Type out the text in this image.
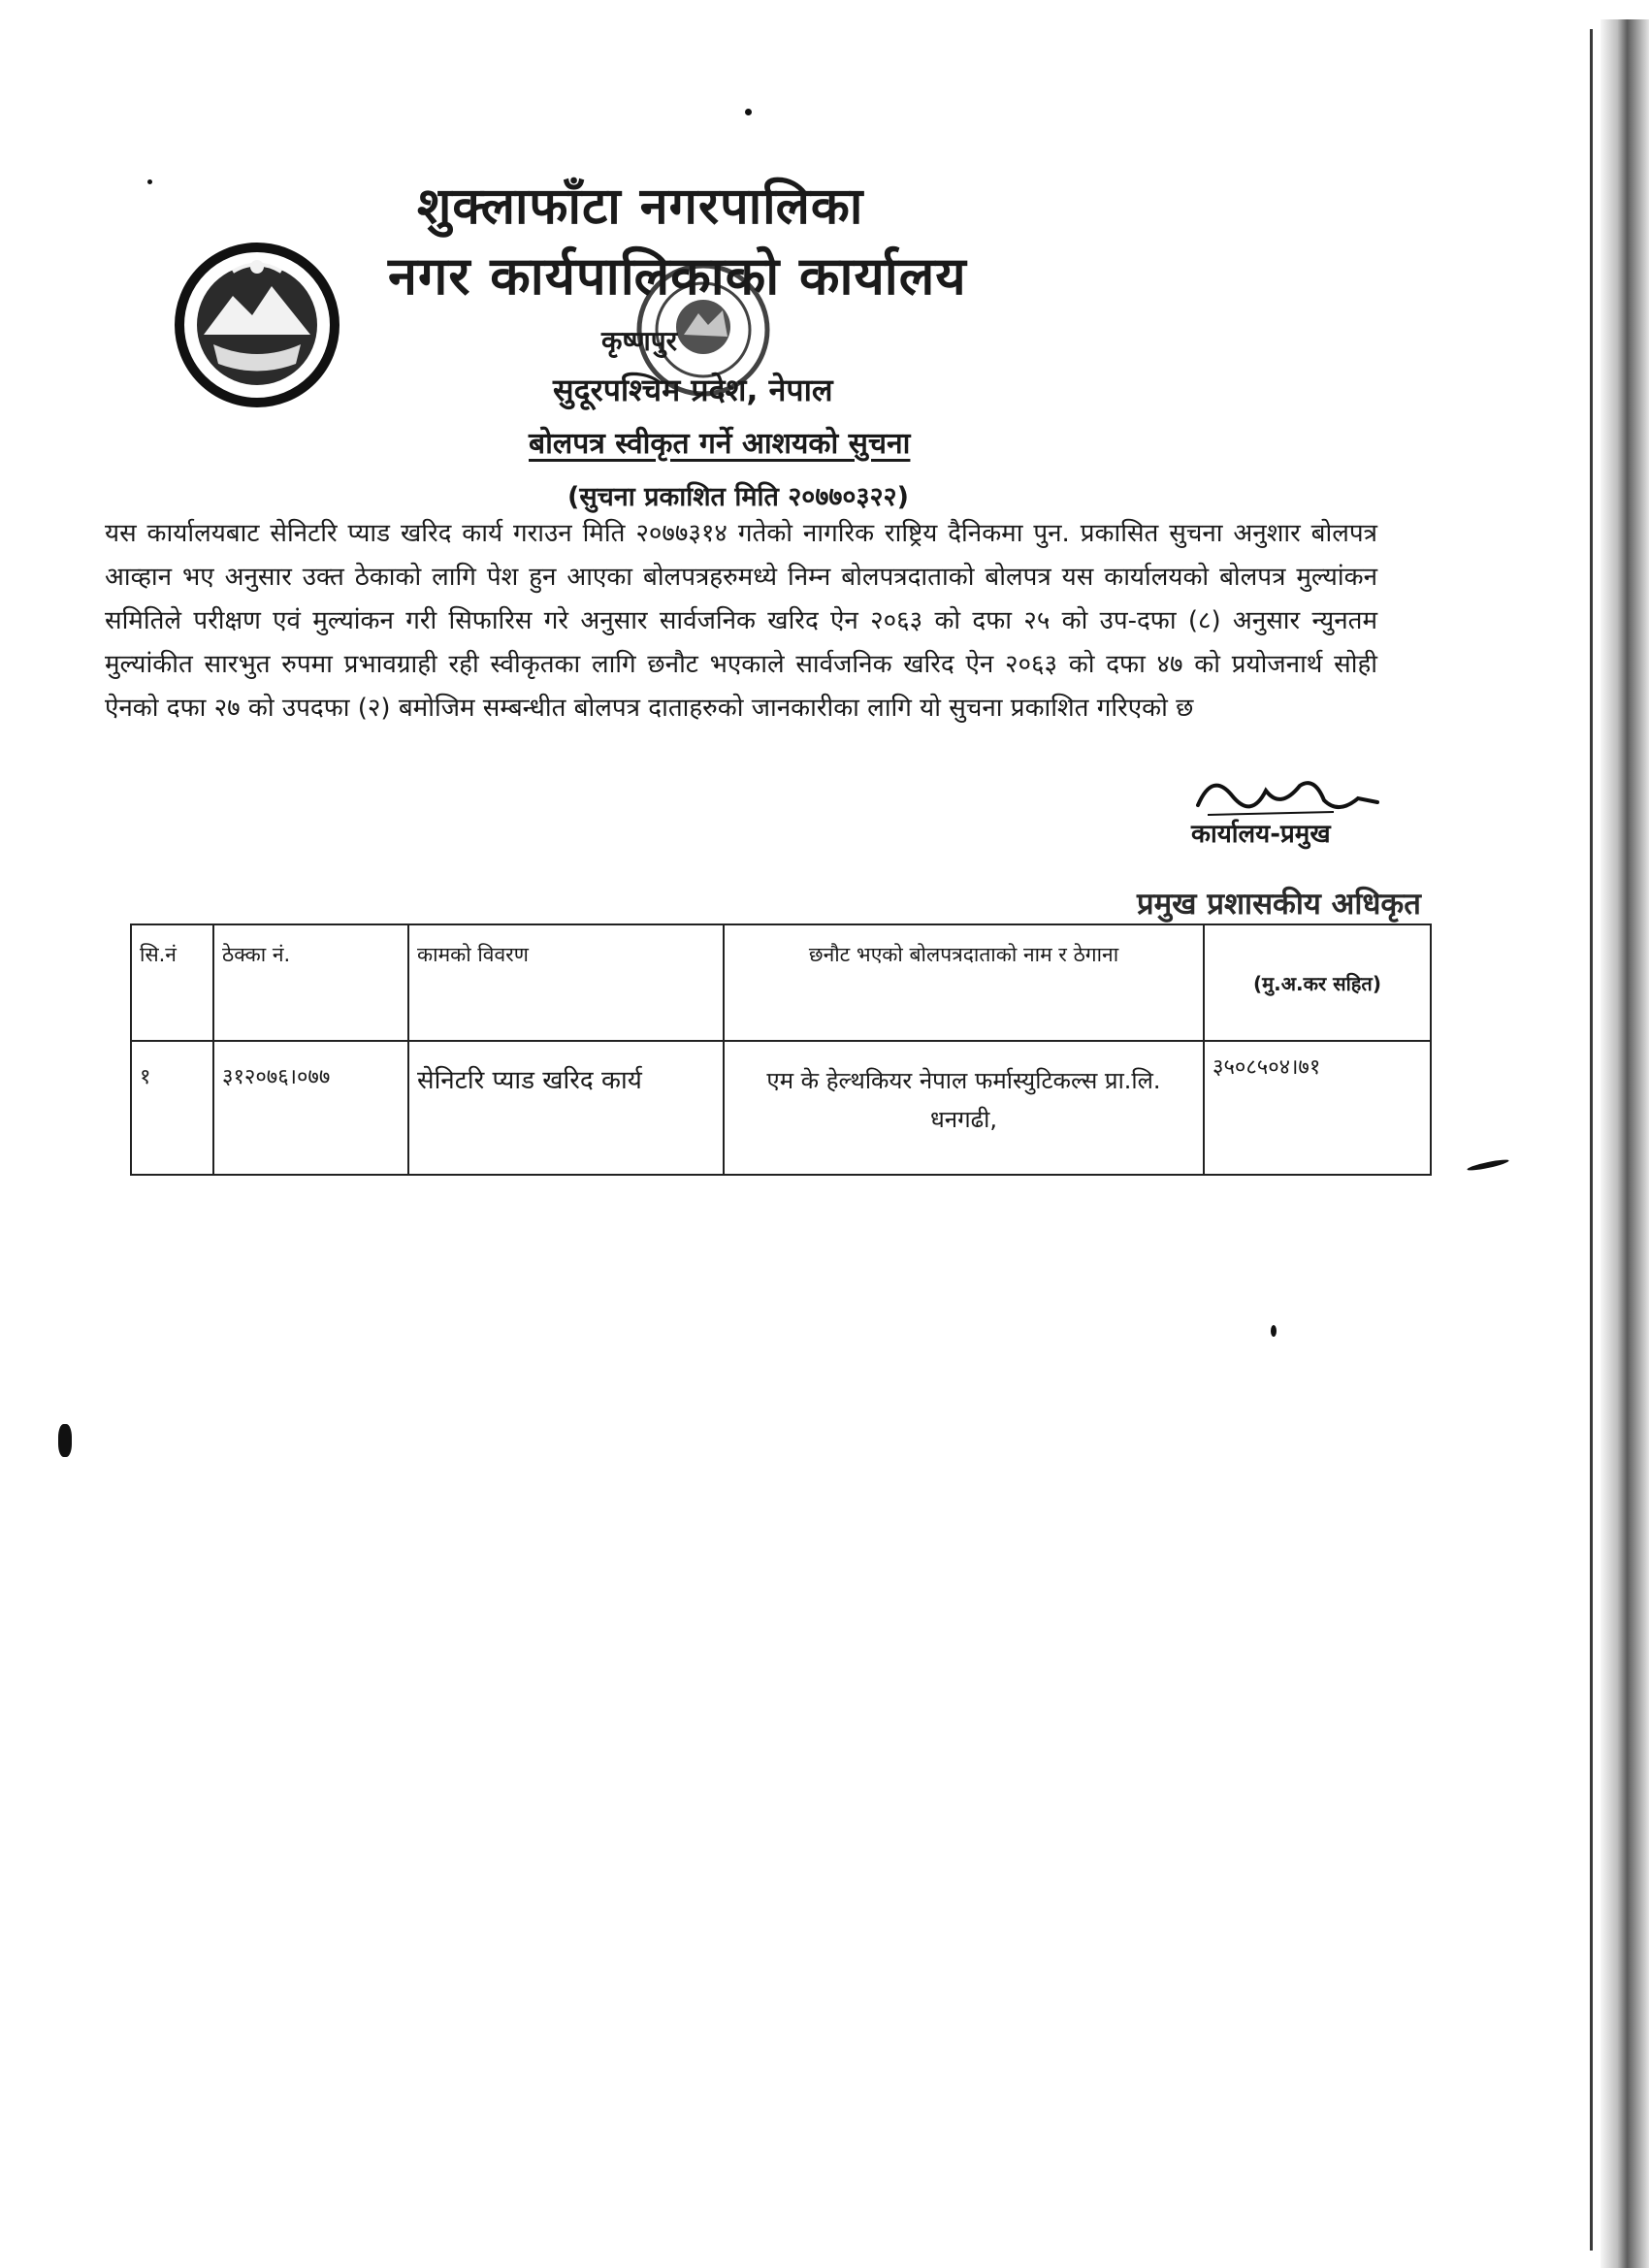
शुक्लाफाँटा नगरपालिका
नगर कार्यपालिकाको कार्यालय
कृष्णपुर
सुदूरपश्चिम प्रदेश, नेपाल
बोलपत्र स्वीकृत गर्ने आशयको सुचना
(सुचना प्रकाशित मिति २०७७०३२२)
यस कार्यालयबाट सेनिटरि प्याड खरिद कार्य गराउन मिति २०७७३१४ गतेको नागरिक राष्ट्रिय दैनिकमा पुन. प्रकासित सुचना अनुशार बोलपत्र आव्हान भए अनुसार उक्त ठेकाको लागि पेश हुन आएका बोलपत्रहरुमध्ये निम्न बोलपत्रदाताको बोलपत्र यस कार्यालयको बोलपत्र मुल्यांकन समितिले परीक्षण एवं मुल्यांकन गरी सिफारिस गरे अनुसार सार्वजनिक खरिद ऐन २०६३ को दफा २५ को उप-दफा (८) अनुसार न्युनतम मुल्यांकीत सारभुत रुपमा प्रभावग्राही रही स्वीकृतका लागि छनौट भएकाले सार्वजनिक खरिद ऐन २०६३ को दफा ४७ को प्रयोजनार्थ सोही ऐनको दफा २७ को उपदफा (२) बमोजिम सम्बन्धीत बोलपत्र दाताहरुको जानकारीका लागि यो सुचना प्रकाशित गरिएको छ
कार्यालय-प्रमुख
प्रमुख प्रशासकीय अधिकृत
सि.नं	ठेक्का नं.	कामको विवरण	छनौट भएको बोलपत्रदाताको नाम र ठेगाना	(मु.अ.कर सहित)

१	३१२०७६।०७७	सेनिटरि प्याड खरिद कार्य	एम के हेल्थकियर नेपाल फर्मास्युटिकल्स प्रा.लि. धनगढी,	३५०८५०४।७१
